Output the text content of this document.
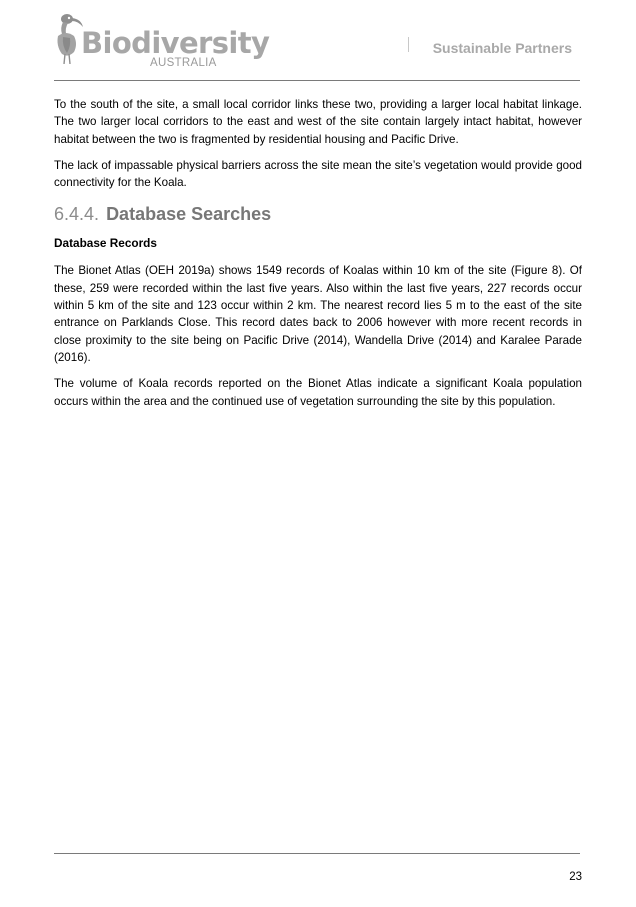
Biodiversity
AUSTRALIA
Sustainable Partners

To the south of the site, a small local corridor links these two, providing a larger local habitat linkage. The two larger local corridors to the east and west of the site contain largely intact habitat, however habitat between the two is fragmented by residential housing and Pacific Drive.

The lack of impassable physical barriers across the site mean the site’s vegetation would provide good connectivity for the Koala.

6.4.4. Database Searches
Database Records

The Bionet Atlas (OEH 2019a) shows 1549 records of Koalas within 10 km of the site (Figure 8). Of these, 259 were recorded within the last five years. Also within the last five years, 227 records occur within 5 km of the site and 123 occur within 2 km. The nearest record lies 5 m to the east of the site entrance on Parklands Close. This record dates back to 2006 however with more recent records in close proximity to the site being on Pacific Drive (2014), Wandella Drive (2014) and Karalee Parade (2016).

The volume of Koala records reported on the Bionet Atlas indicate a significant Koala population occurs within the area and the continued use of vegetation surrounding the site by this population.

23
